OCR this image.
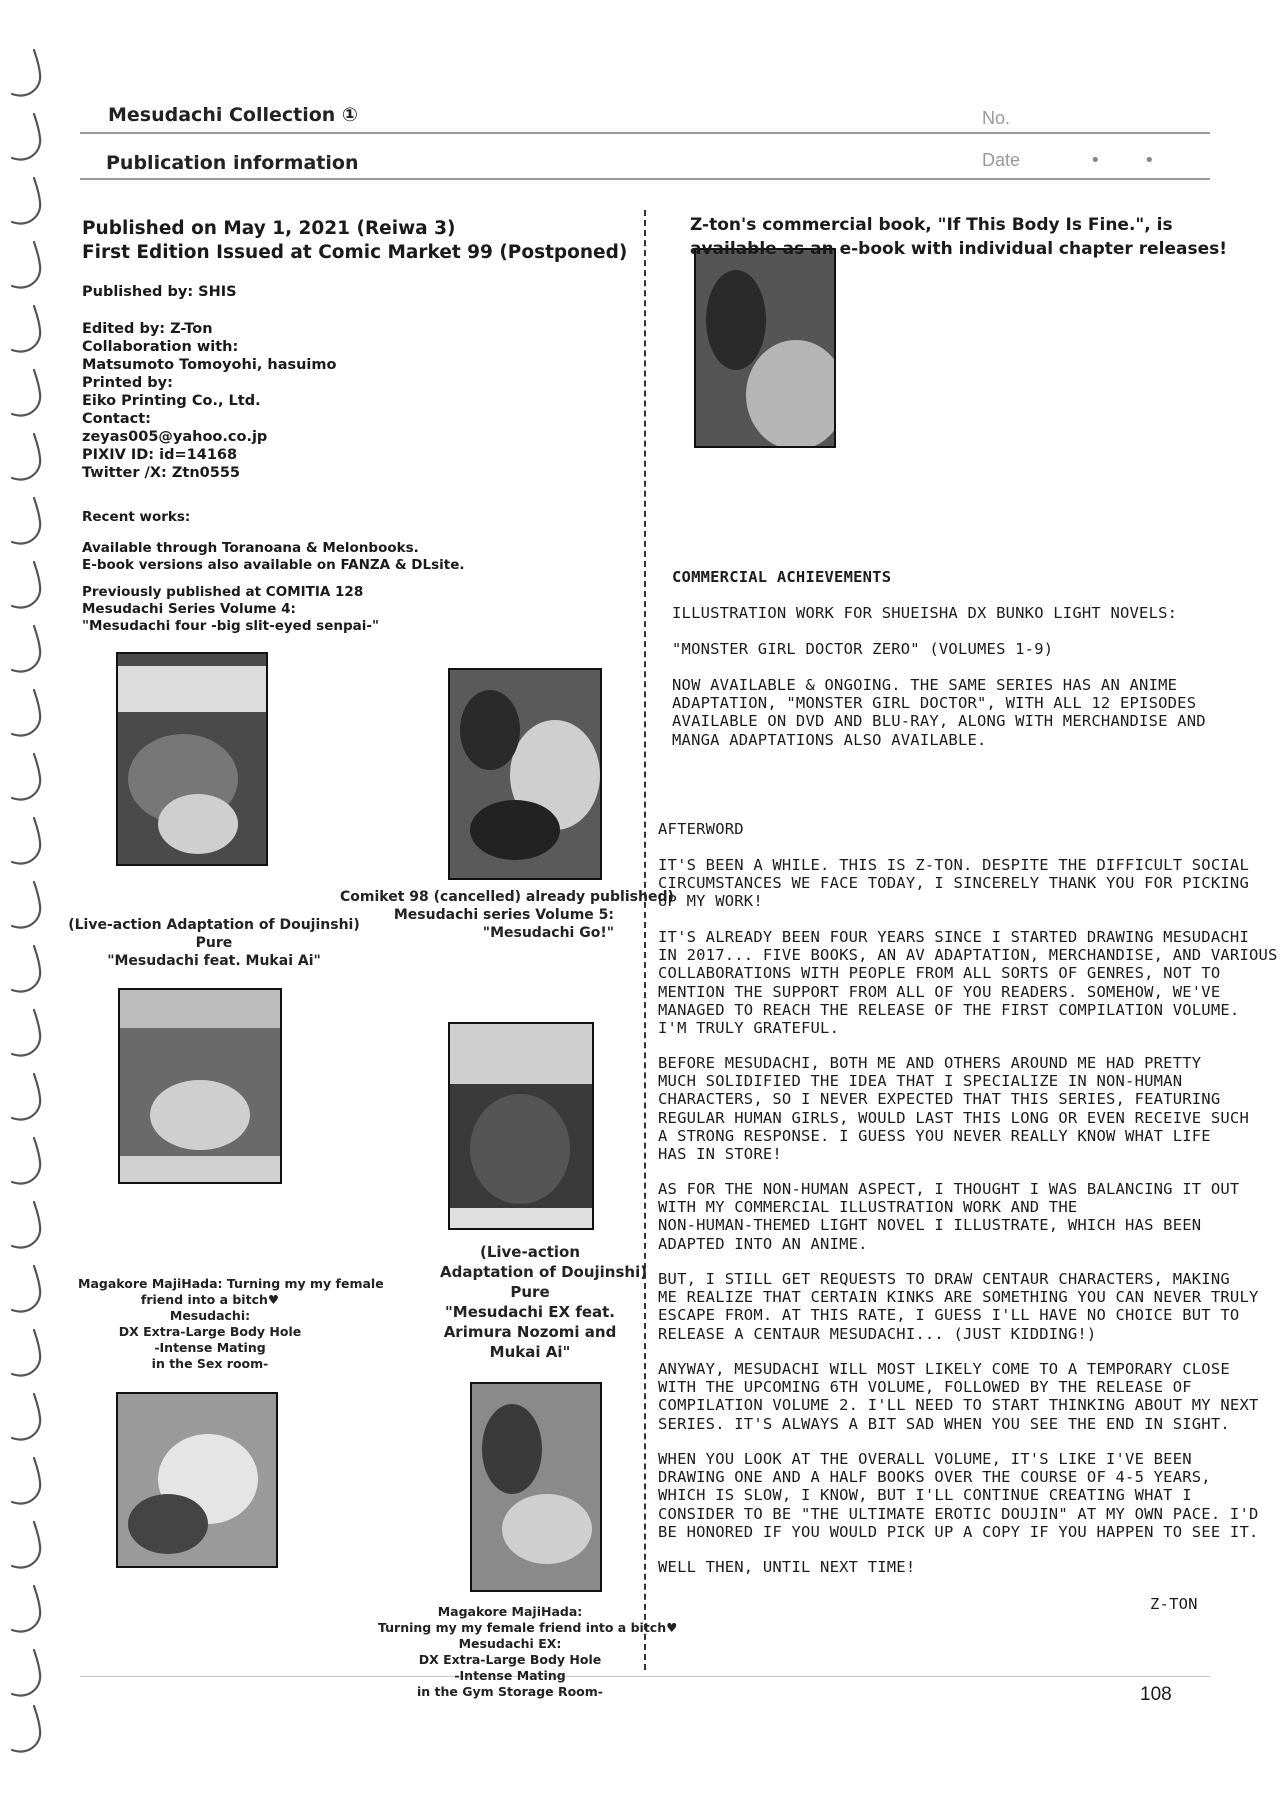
Mesudachi Collection ①
Publication information
No.
Date	• •
Published on May 1, 2021 (Reiwa 3)
First Edition Issued at Comic Market 99 (Postponed)
Published by: SHIS
Edited by: Z-Ton
Collaboration with:
Matsumoto Tomoyohi, hasuimo
Printed by:
Eiko Printing Co., Ltd.
Contact:
zeyas005@yahoo.co.jp
PIXIV ID: id=14168
Twitter /X: Ztn0555
Recent works:
Available through Toranoana & Melonbooks.
E-book versions also available on FANZA & DLsite.
Previously published at COMITIA 128
Mesudachi Series Volume 4:
"Mesudachi four -big slit-eyed senpai-"
Comiket 98 (cancelled) already published)
Mesudachi series Volume 5:
"Mesudachi Go!"
(Live-action Adaptation of Doujinshi)
Pure
"Mesudachi feat. Mukai Ai"
(Live-action
Adaptation of Doujinshi)
Pure
"Mesudachi EX feat.
Arimura Nozomi and
Mukai Ai"
Magakore MajiHada: Turning my my female
friend into a bitch♥
Mesudachi:
DX Extra-Large Body Hole
-Intense Mating
in the Sex room-
Magakore MajiHada:
Turning my my female friend into a bitch♥
Mesudachi EX:
DX Extra-Large Body Hole
-Intense Mating
in the Gym Storage Room-
Z-ton's commercial book, "If This Body Is Fine.", is
available as an e-book with individual chapter releases!
COMMERCIAL ACHIEVEMENTS
ILLUSTRATION WORK FOR SHUEISHA DX BUNKO LIGHT NOVELS:
"MONSTER GIRL DOCTOR ZERO" (VOLUMES 1-9)
NOW AVAILABLE & ONGOING. THE SAME SERIES HAS AN ANIME
ADAPTATION, "MONSTER GIRL DOCTOR", WITH ALL 12 EPISODES
AVAILABLE ON DVD AND BLU-RAY, ALONG WITH MERCHANDISE AND
MANGA ADAPTATIONS ALSO AVAILABLE.
AFTERWORD
IT'S BEEN A WHILE. THIS IS Z-TON. DESPITE THE DIFFICULT SOCIAL
CIRCUMSTANCES WE FACE TODAY, I SINCERELY THANK YOU FOR PICKING
UP MY WORK!
IT'S ALREADY BEEN FOUR YEARS SINCE I STARTED DRAWING MESUDACHI
IN 2017... FIVE BOOKS, AN AV ADAPTATION, MERCHANDISE, AND VARIOUS
COLLABORATIONS WITH PEOPLE FROM ALL SORTS OF GENRES, NOT TO
MENTION THE SUPPORT FROM ALL OF YOU READERS. SOMEHOW, WE'VE
MANAGED TO REACH THE RELEASE OF THE FIRST COMPILATION VOLUME.
I'M TRULY GRATEFUL.
BEFORE MESUDACHI, BOTH ME AND OTHERS AROUND ME HAD PRETTY
MUCH SOLIDIFIED THE IDEA THAT I SPECIALIZE IN NON-HUMAN
CHARACTERS, SO I NEVER EXPECTED THAT THIS SERIES, FEATURING
REGULAR HUMAN GIRLS, WOULD LAST THIS LONG OR EVEN RECEIVE SUCH
A STRONG RESPONSE. I GUESS YOU NEVER REALLY KNOW WHAT LIFE
HAS IN STORE!
AS FOR THE NON-HUMAN ASPECT, I THOUGHT I WAS BALANCING IT OUT
WITH MY COMMERCIAL ILLUSTRATION WORK AND THE
NON-HUMAN-THEMED LIGHT NOVEL I ILLUSTRATE, WHICH HAS BEEN
ADAPTED INTO AN ANIME.
BUT, I STILL GET REQUESTS TO DRAW CENTAUR CHARACTERS, MAKING
ME REALIZE THAT CERTAIN KINKS ARE SOMETHING YOU CAN NEVER TRULY
ESCAPE FROM. AT THIS RATE, I GUESS I'LL HAVE NO CHOICE BUT TO
RELEASE A CENTAUR MESUDACHI... (JUST KIDDING!)
ANYWAY, MESUDACHI WILL MOST LIKELY COME TO A TEMPORARY CLOSE
WITH THE UPCOMING 6TH VOLUME, FOLLOWED BY THE RELEASE OF
COMPILATION VOLUME 2. I'LL NEED TO START THINKING ABOUT MY NEXT
SERIES. IT'S ALWAYS A BIT SAD WHEN YOU SEE THE END IN SIGHT.
WHEN YOU LOOK AT THE OVERALL VOLUME, IT'S LIKE I'VE BEEN
DRAWING ONE AND A HALF BOOKS OVER THE COURSE OF 4-5 YEARS,
WHICH IS SLOW, I KNOW, BUT I'LL CONTINUE CREATING WHAT I
CONSIDER TO BE "THE ULTIMATE EROTIC DOUJIN" AT MY OWN PACE. I'D
BE HONORED IF YOU WOULD PICK UP A COPY IF YOU HAPPEN TO SEE IT.
WELL THEN, UNTIL NEXT TIME!
Z-TON
108
